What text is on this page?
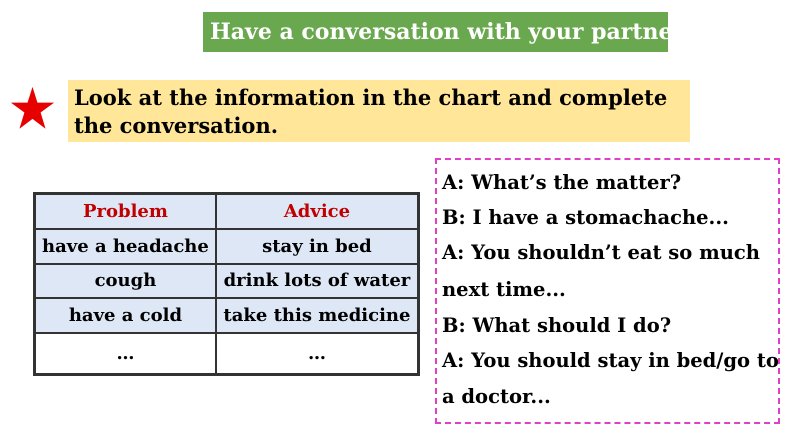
Have a conversation with your partner.
Look at the information in the chart and complete the conversation.
Problem	Advice
have a headache	stay in bed
cough	drink lots of water
have a cold	take this medicine
…	…
A: What’s the matter?
B: I have a stomachache...
A: You shouldn’t eat so much
next time...
B: What should I do?
A: You should stay in bed/go to
a doctor...
